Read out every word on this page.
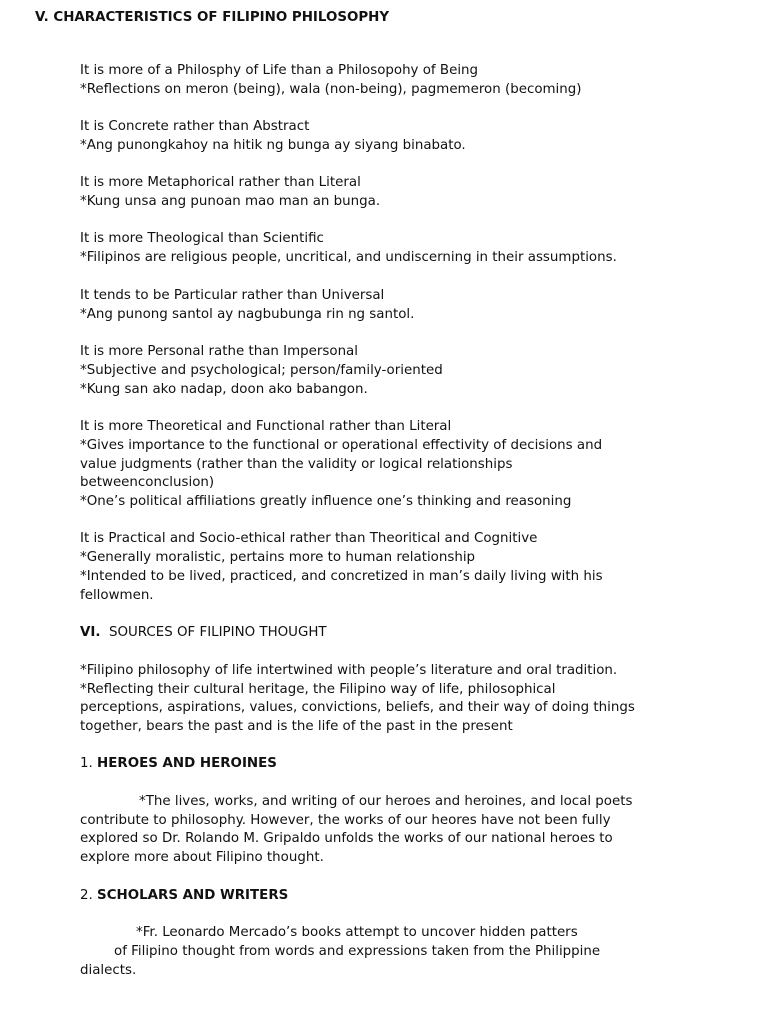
V. CHARACTERISTICS OF FILIPINO PHILOSOPHY
It is more of a Philosphy of Life than a Philosopohy of Being
*Reflections on meron (being), wala (non-being), pagmemeron (becoming)
It is Concrete rather than Abstract
*Ang punongkahoy na hitik ng bunga ay siyang binabato.
It is more Metaphorical rather than Literal
*Kung unsa ang punoan mao man an bunga.
It is more Theological than Scientific
*Filipinos are religious people, uncritical, and undiscerning in their assumptions.
It tends to be Particular rather than Universal
*Ang punong santol ay nagbubunga rin ng santol.
It is more Personal rathe than Impersonal
*Subjective and psychological; person/family-oriented
*Kung san ako nadap, doon ako babangon.
It is more Theoretical and Functional rather than Literal
*Gives importance to the functional or operational effectivity of decisions and
value judgments (rather than the validity or logical relationships
betweenconclusion)
*One’s political affiliations greatly influence one’s thinking and reasoning
It is Practical and Socio-ethical rather than Theoritical and Cognitive
*Generally moralistic, pertains more to human relationship
*Intended to be lived, practiced, and concretized in man’s daily living with his
fellowmen.
VI. SOURCES OF FILIPINO THOUGHT
*Filipino philosophy of life intertwined with people’s literature and oral tradition.
*Reflecting their cultural heritage, the Filipino way of life, philosophical
perceptions, aspirations, values, convictions, beliefs, and their way of doing things
together, bears the past and is the life of the past in the present
1. HEROES AND HEROINES
*The lives, works, and writing of our heroes and heroines, and local poets
contribute to philosophy. However, the works of our heores have not been fully
explored so Dr. Rolando M. Gripaldo unfolds the works of our national heroes to
explore more about Filipino thought.
2. SCHOLARS AND WRITERS
*Fr. Leonardo Mercado’s books attempt to uncover hidden patters
of Filipino thought from words and expressions taken from the Philippine
dialects.
